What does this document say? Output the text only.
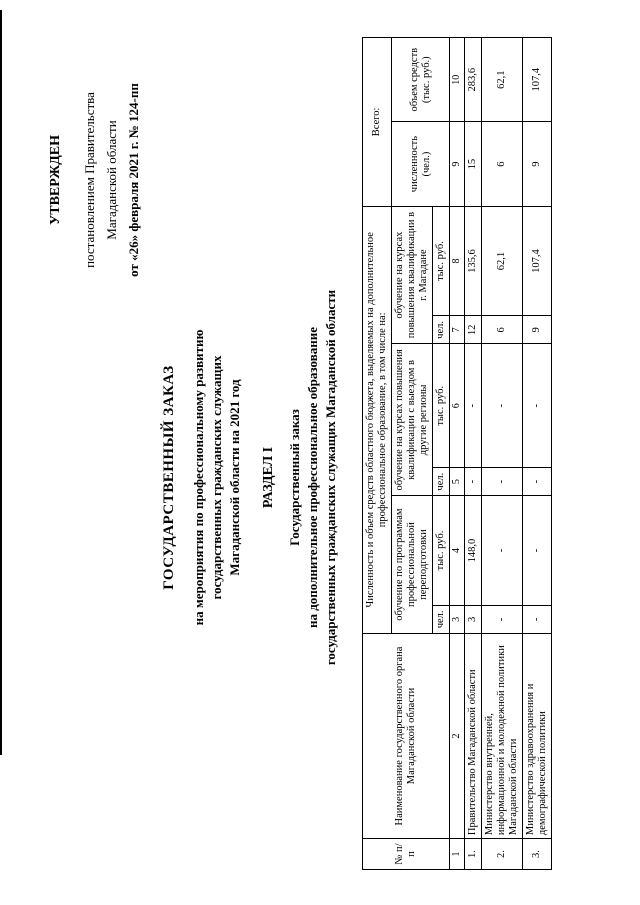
УТВЕРЖДЕН	постановлением Правительства Магаданской области от «26» февраля 2021 г. № 124-пп
ГОСУДАРСТВЕННЫЙ ЗАКАЗ на мероприятия по профессиональному развитию государственных гражданских служащих Магаданской области на 2021 год РАЗДЕЛ I Государственный заказ на дополнительное профессиональное образование государственных гражданских служащих Магаданской области
№ п/п	Наименование государственного органа Магаданской области	Численность и объем средств областного бюджета, выделяемых на дополнительное профессиональное образование, в том числе на:						Всего:	
		обучение по программам профессиональной переподготовки		обучение на курсах повышения квалификации с выездом в другие регионы		обучение на курсах повышения квалификации в г. Магадане		численность (чел.)	объем средств (тыс. руб.)
		чел.	тыс. руб.	чел.	тыс. руб.	чел.	тыс. руб.		
1	2	3	4	5	6	7	8	9	10
1.	Правительство Магаданской области	3	148,0	-	-	12	135,6	15	283,6
2.	Министерство внутренней, информационной и молодежной политики Магаданской области	-	-	-	-	6	62,1	6	62,1
3.	Министерство здравоохранения и демографической политики	-	-	-	-	9	107,4	9	107,4
